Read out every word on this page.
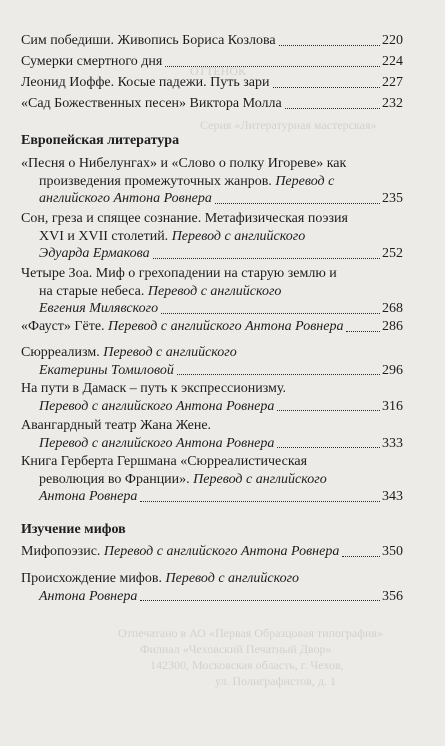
ОТТЕНОК
Серия «Литературная мастерская»
Отпечатано в АО «Первая Образцовая типография»
Филиал «Чеховский Печатный Двор»
142300, Московская область, г. Чехов,
ул. Полиграфистов, д. 1
Сим победиши. Живопись Бориса Козлова	220
Сумерки смертного дня	224
Леонид Иоффе. Косые падежи. Путь зари	227
«Сад Божественных песен» Виктора Молла	232
Европейская литература
«Песня о Нибелунгах» и «Слово о полку Игореве» как
произведения промежуточных жанров. Перевод с
английского Антона Ровнера	235
Сон, греза и спящее сознание. Метафизическая поэзия
XVI и XVII столетий. Перевод с английского
Эдуарда Ермакова	252
Четыре Зоа. Миф о грехопадении на старую землю и
на старые небеса. Перевод с английского
Евгения Милявского	268
«Фауст» Гёте. Перевод с английского Антона Ровнера	286
Сюрреализм. Перевод с английского
Екатерины Томиловой	296
На пути в Дамаск – путь к экспрессионизму.
Перевод с английского Антона Ровнера	316
Авангардный театр Жана Жене.
Перевод с английского Антона Ровнера	333
Книга Герберта Гершмана «Сюрреалистическая
революция во Франции». Перевод с английского
Антона Ровнера	343
Изучение мифов
Мифопоэзис. Перевод с английского Антона Ровнера	350
Происхождение мифов. Перевод с английского
Антона Ровнера	356
